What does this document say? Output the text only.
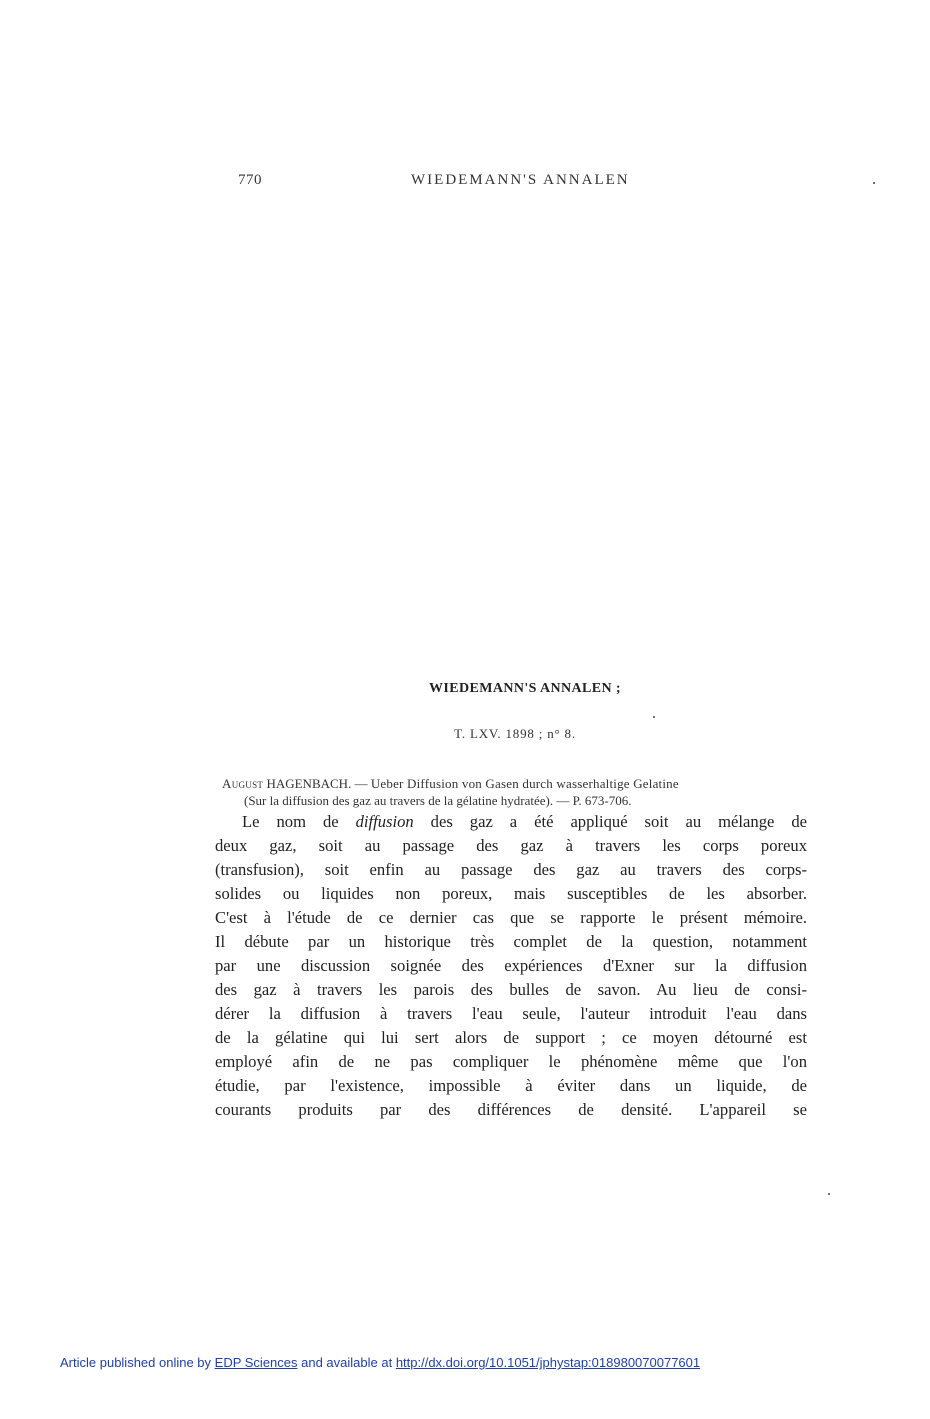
770	WIEDEMANN'S ANNALEN
WIEDEMANN'S ANNALEN ;
T. LXV. 1898 ; n° 8.
August HAGENBACH. — Ueber Diffusion von Gasen durch wasserhaltige Gelatine
(Sur la diffusion des gaz au travers de la gélatine hydratée). — P. 673-706.
Le nom de diffusion des gaz a été appliqué soit au mélange de
deux gaz, soit au passage des gaz à travers les corps poreux
(transfusion), soit enfin au passage des gaz au travers des corps-
solides ou liquides non poreux, mais susceptibles de les absorber.
C'est à l'étude de ce dernier cas que se rapporte le présent mémoire.
Il débute par un historique très complet de la question, notamment
par une discussion soignée des expériences d'Exner sur la diffusion
des gaz à travers les parois des bulles de savon. Au lieu de consi-
dérer la diffusion à travers l'eau seule, l'auteur introduit l'eau dans
de la gélatine qui lui sert alors de support ; ce moyen détourné est
employé afin de ne pas compliquer le phénomène même que l'on
étudie, par l'existence, impossible à éviter dans un liquide, de
courants produits par des différences de densité. L'appareil se
Article published online by EDP Sciences and available at http://dx.doi.org/10.1051/jphystap:018980070077601
